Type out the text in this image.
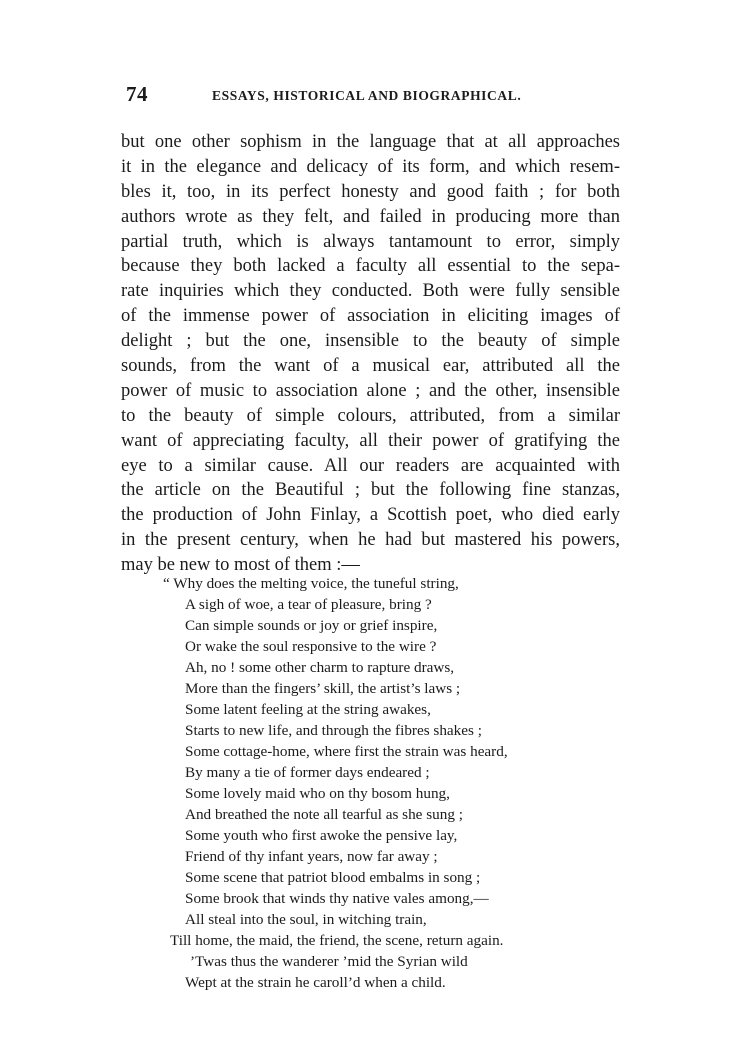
74	ESSAYS, HISTORICAL AND BIOGRAPHICAL.
but one other sophism in the language that at all approaches
it in the elegance and delicacy of its form, and which resem-
bles it, too, in its perfect honesty and good faith ; for both
authors wrote as they felt, and failed in producing more than
partial truth, which is always tantamount to error, simply
because they both lacked a faculty all essential to the sepa-
rate inquiries which they conducted. Both were fully sensible
of the immense power of association in eliciting images of
delight ; but the one, insensible to the beauty of simple
sounds, from the want of a musical ear, attributed all the
power of music to association alone ; and the other, insensible
to the beauty of simple colours, attributed, from a similar
want of appreciating faculty, all their power of gratifying the
eye to a similar cause. All our readers are acquainted with
the article on the Beautiful ; but the following fine stanzas,
the production of John Finlay, a Scottish poet, who died early
in the present century, when he had but mastered his powers,
may be new to most of them :—
“ Why does the melting voice, the tuneful string,
A sigh of woe, a tear of pleasure, bring ?
Can simple sounds or joy or grief inspire,
Or wake the soul responsive to the wire ?
Ah, no ! some other charm to rapture draws,
More than the fingers’ skill, the artist’s laws ;
Some latent feeling at the string awakes,
Starts to new life, and through the fibres shakes ;
Some cottage-home, where first the strain was heard,
By many a tie of former days endeared ;
Some lovely maid who on thy bosom hung,
And breathed the note all tearful as she sung ;
Some youth who first awoke the pensive lay,
Friend of thy infant years, now far away ;
Some scene that patriot blood embalms in song ;
Some brook that winds thy native vales among,—
All steal into the soul, in witching train,
Till home, the maid, the friend, the scene, return again.
’Twas thus the wanderer ’mid the Syrian wild
Wept at the strain he caroll’d when a child.
